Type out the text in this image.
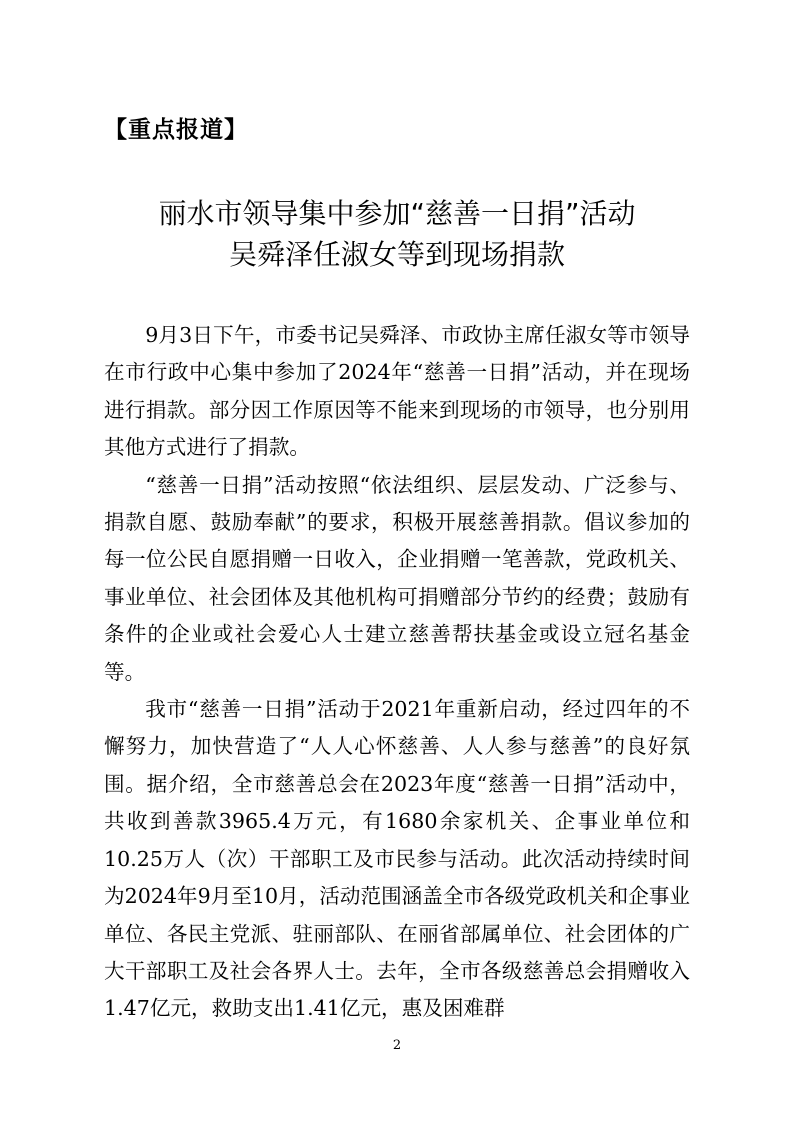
【重点报道】
丽水市领导集中参加“慈善一日捐”活动
吴舜泽任淑女等到现场捐款

9月3日下午，市委书记吴舜泽、市政协主席任淑女等市领导在市行政中心集中参加了2024年“慈善一日捐”活动，并在现场进行捐款。部分因工作原因等不能来到现场的市领导，也分别用其他方式进行了捐款。

“慈善一日捐”活动按照“依法组织、层层发动、广泛参与、捐款自愿、鼓励奉献”的要求，积极开展慈善捐款。倡议参加的每一位公民自愿捐赠一日收入，企业捐赠一笔善款，党政机关、事业单位、社会团体及其他机构可捐赠部分节约的经费；鼓励有条件的企业或社会爱心人士建立慈善帮扶基金或设立冠名基金等。

我市“慈善一日捐”活动于2021年重新启动，经过四年的不懈努力，加快营造了“人人心怀慈善、人人参与慈善”的良好氛围。据介绍，全市慈善总会在2023年度“慈善一日捐”活动中，共收到善款3965.4万元，有1680余家机关、企事业单位和10.25万人（次）干部职工及市民参与活动。此次活动持续时间为2024年9月至10月，活动范围涵盖全市各级党政机关和企事业单位、各民主党派、驻丽部队、在丽省部属单位、社会团体的广大干部职工及社会各界人士。去年，全市各级慈善总会捐赠收入1.47亿元，救助支出1.41亿元，惠及困难群

2
